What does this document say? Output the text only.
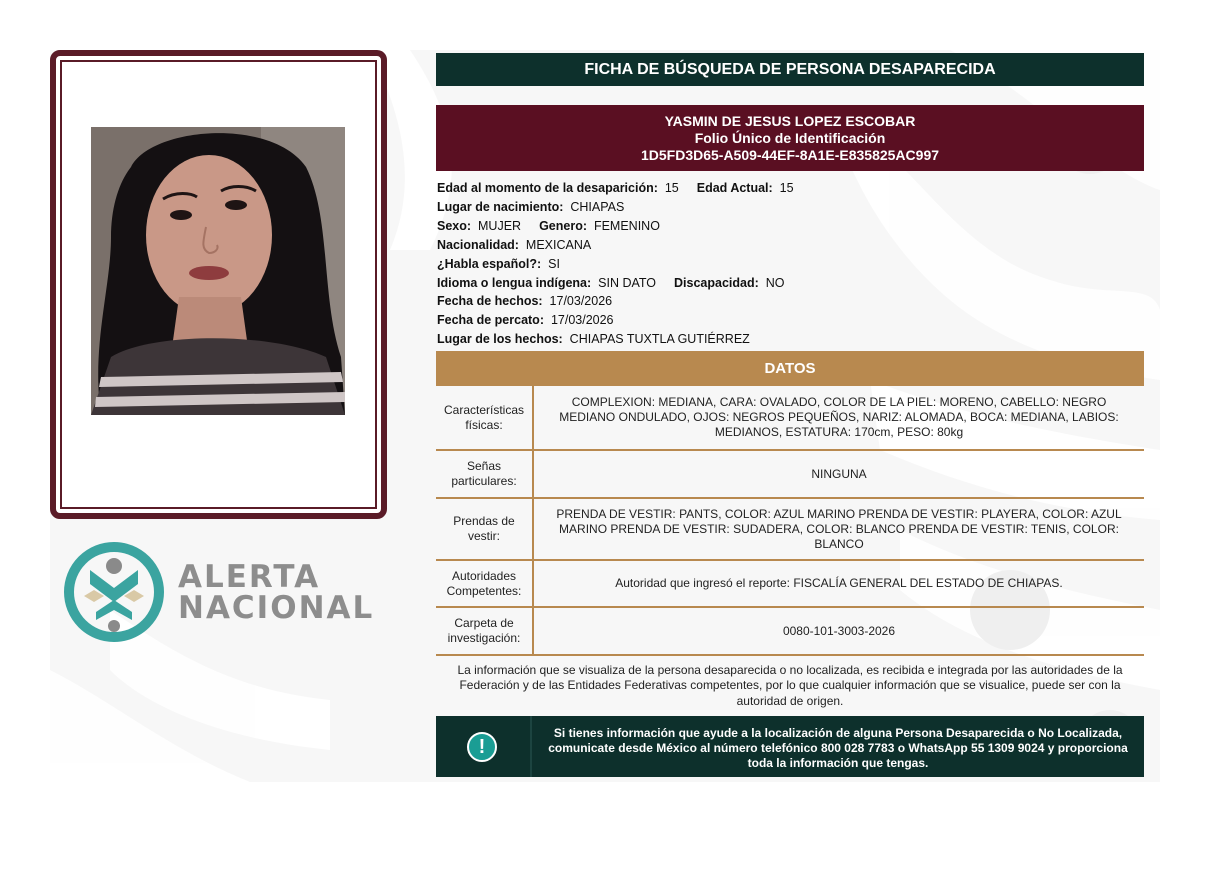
ALERTA
NACIONAL
FICHA DE BÚSQUEDA DE PERSONA DESAPARECIDA
YASMIN DE JESUS LOPEZ ESCOBAR
Folio Único de Identificación
1D5FD3D65-A509-44EF-8A1E-E835825AC997
Edad al momento de la desaparición: 15 Edad Actual: 15
Lugar de nacimiento: CHIAPAS
Sexo: MUJER Genero: FEMENINO
Nacionalidad: MEXICANA
¿Habla español?: SI
Idioma o lengua indígena: SIN DATO Discapacidad: NO
Fecha de hechos: 17/03/2026
Fecha de percato: 17/03/2026
Lugar de los hechos: CHIAPAS TUXTLA GUTIÉRREZ
DATOS
Características físicas:	COMPLEXION: MEDIANA, CARA: OVALADO, COLOR DE LA PIEL: MORENO, CABELLO: NEGRO MEDIANO ONDULADO, OJOS: NEGROS PEQUEÑOS, NARIZ: ALOMADA, BOCA: MEDIANA, LABIOS: MEDIANOS, ESTATURA: 170cm, PESO: 80kg
Señas particulares:	NINGUNA
Prendas de vestir:	PRENDA DE VESTIR: PANTS, COLOR: AZUL MARINO PRENDA DE VESTIR: PLAYERA, COLOR: AZUL MARINO PRENDA DE VESTIR: SUDADERA, COLOR: BLANCO PRENDA DE VESTIR: TENIS, COLOR: BLANCO
Autoridades Competentes:	Autoridad que ingresó el reporte: FISCALÍA GENERAL DEL ESTADO DE CHIAPAS.
Carpeta de investigación:	0080-101-3003-2026
La información que se visualiza de la persona desaparecida o no localizada, es recibida e integrada por las autoridades de la Federación y de las Entidades Federativas competentes, por lo que cualquier información que se visualice, puede ser con la autoridad de origen.
!
Si tienes información que ayude a la localización de alguna Persona Desaparecida o No Localizada, comunicate desde México al número telefónico 800 028 7783 o WhatsApp 55 1309 9024 y proporciona toda la información que tengas.
